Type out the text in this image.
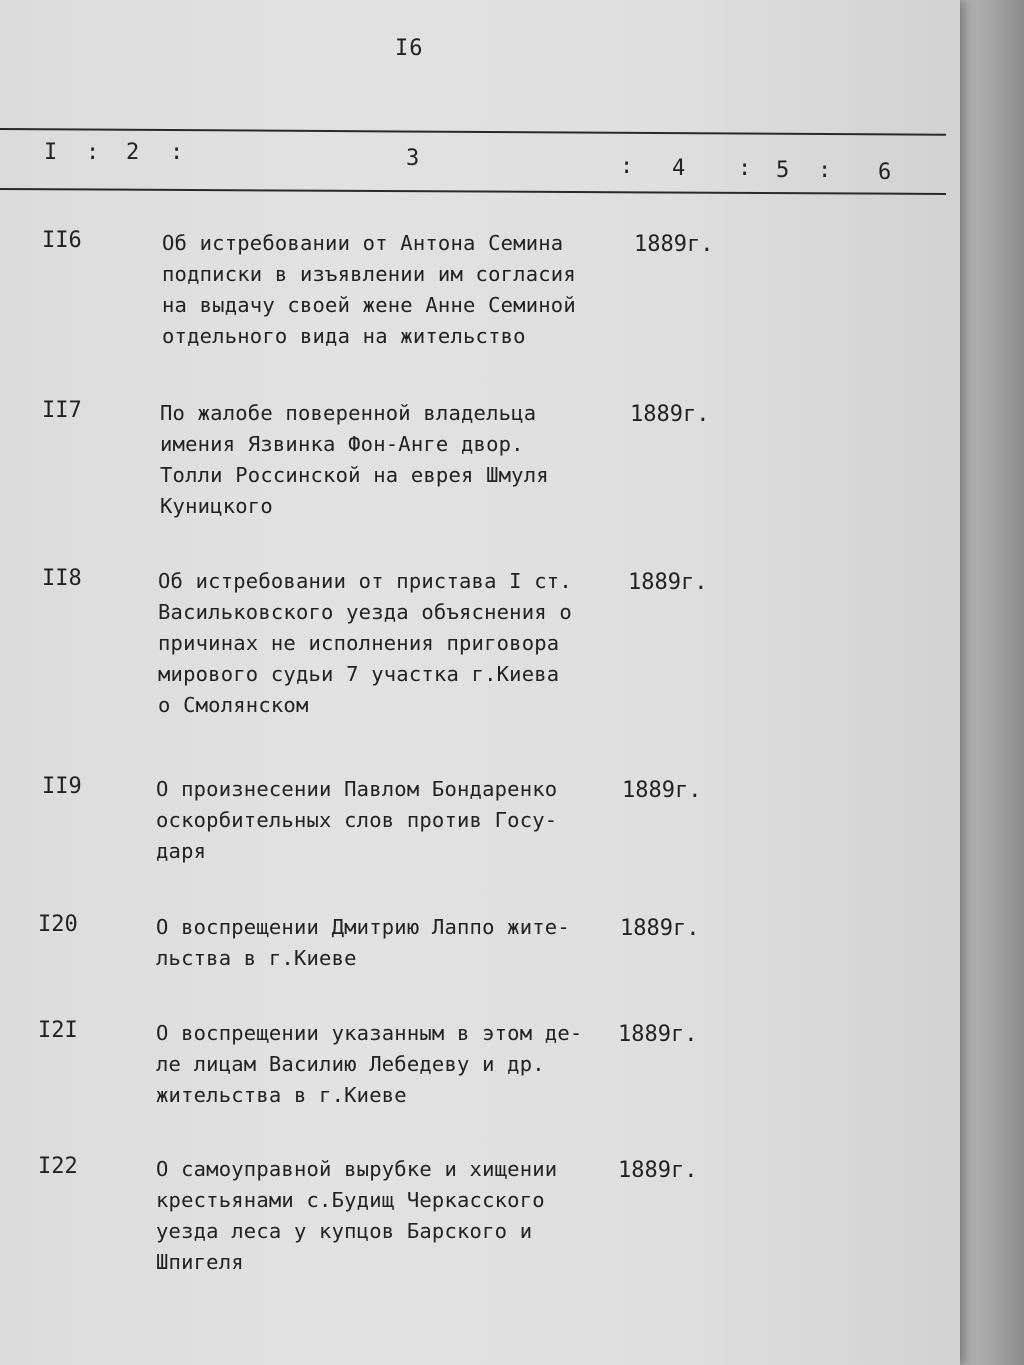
I6
I : 2 :	3	: 4 : 5 : 6
II6	Об истребовании от Антона Семина
подписки в изъявлении им согласия
на выдачу своей жене Анне Семиной
отдельного вида на жительство
1889г.
II7	По жалобе поверенной владельца
имения Язвинка Фон-Анге двор.
Толли Россинской на еврея Шмуля
Куницкого
1889г.
II8	Об истребовании от пристава I ст.
Васильковского уезда объяснения о
причинах не исполнения приговора
мирового судьи 7 участка г.Киева
о Смолянском
1889г.
II9	О произнесении Павлом Бондаренко
оскорбительных слов против Госу-
даря
1889г.
I20	О воспрещении Дмитрию Лаппо жите-
льства в г.Киеве
1889г.
I2I	О воспрещении указанным в этом де-
ле лицам Василию Лебедеву и др.
жительства в г.Киеве
1889г.
I22	О самоуправной вырубке и хищении
крестьянами с.Будищ Черкасского
уезда леса у купцов Барского и
Шпигеля
1889г.
